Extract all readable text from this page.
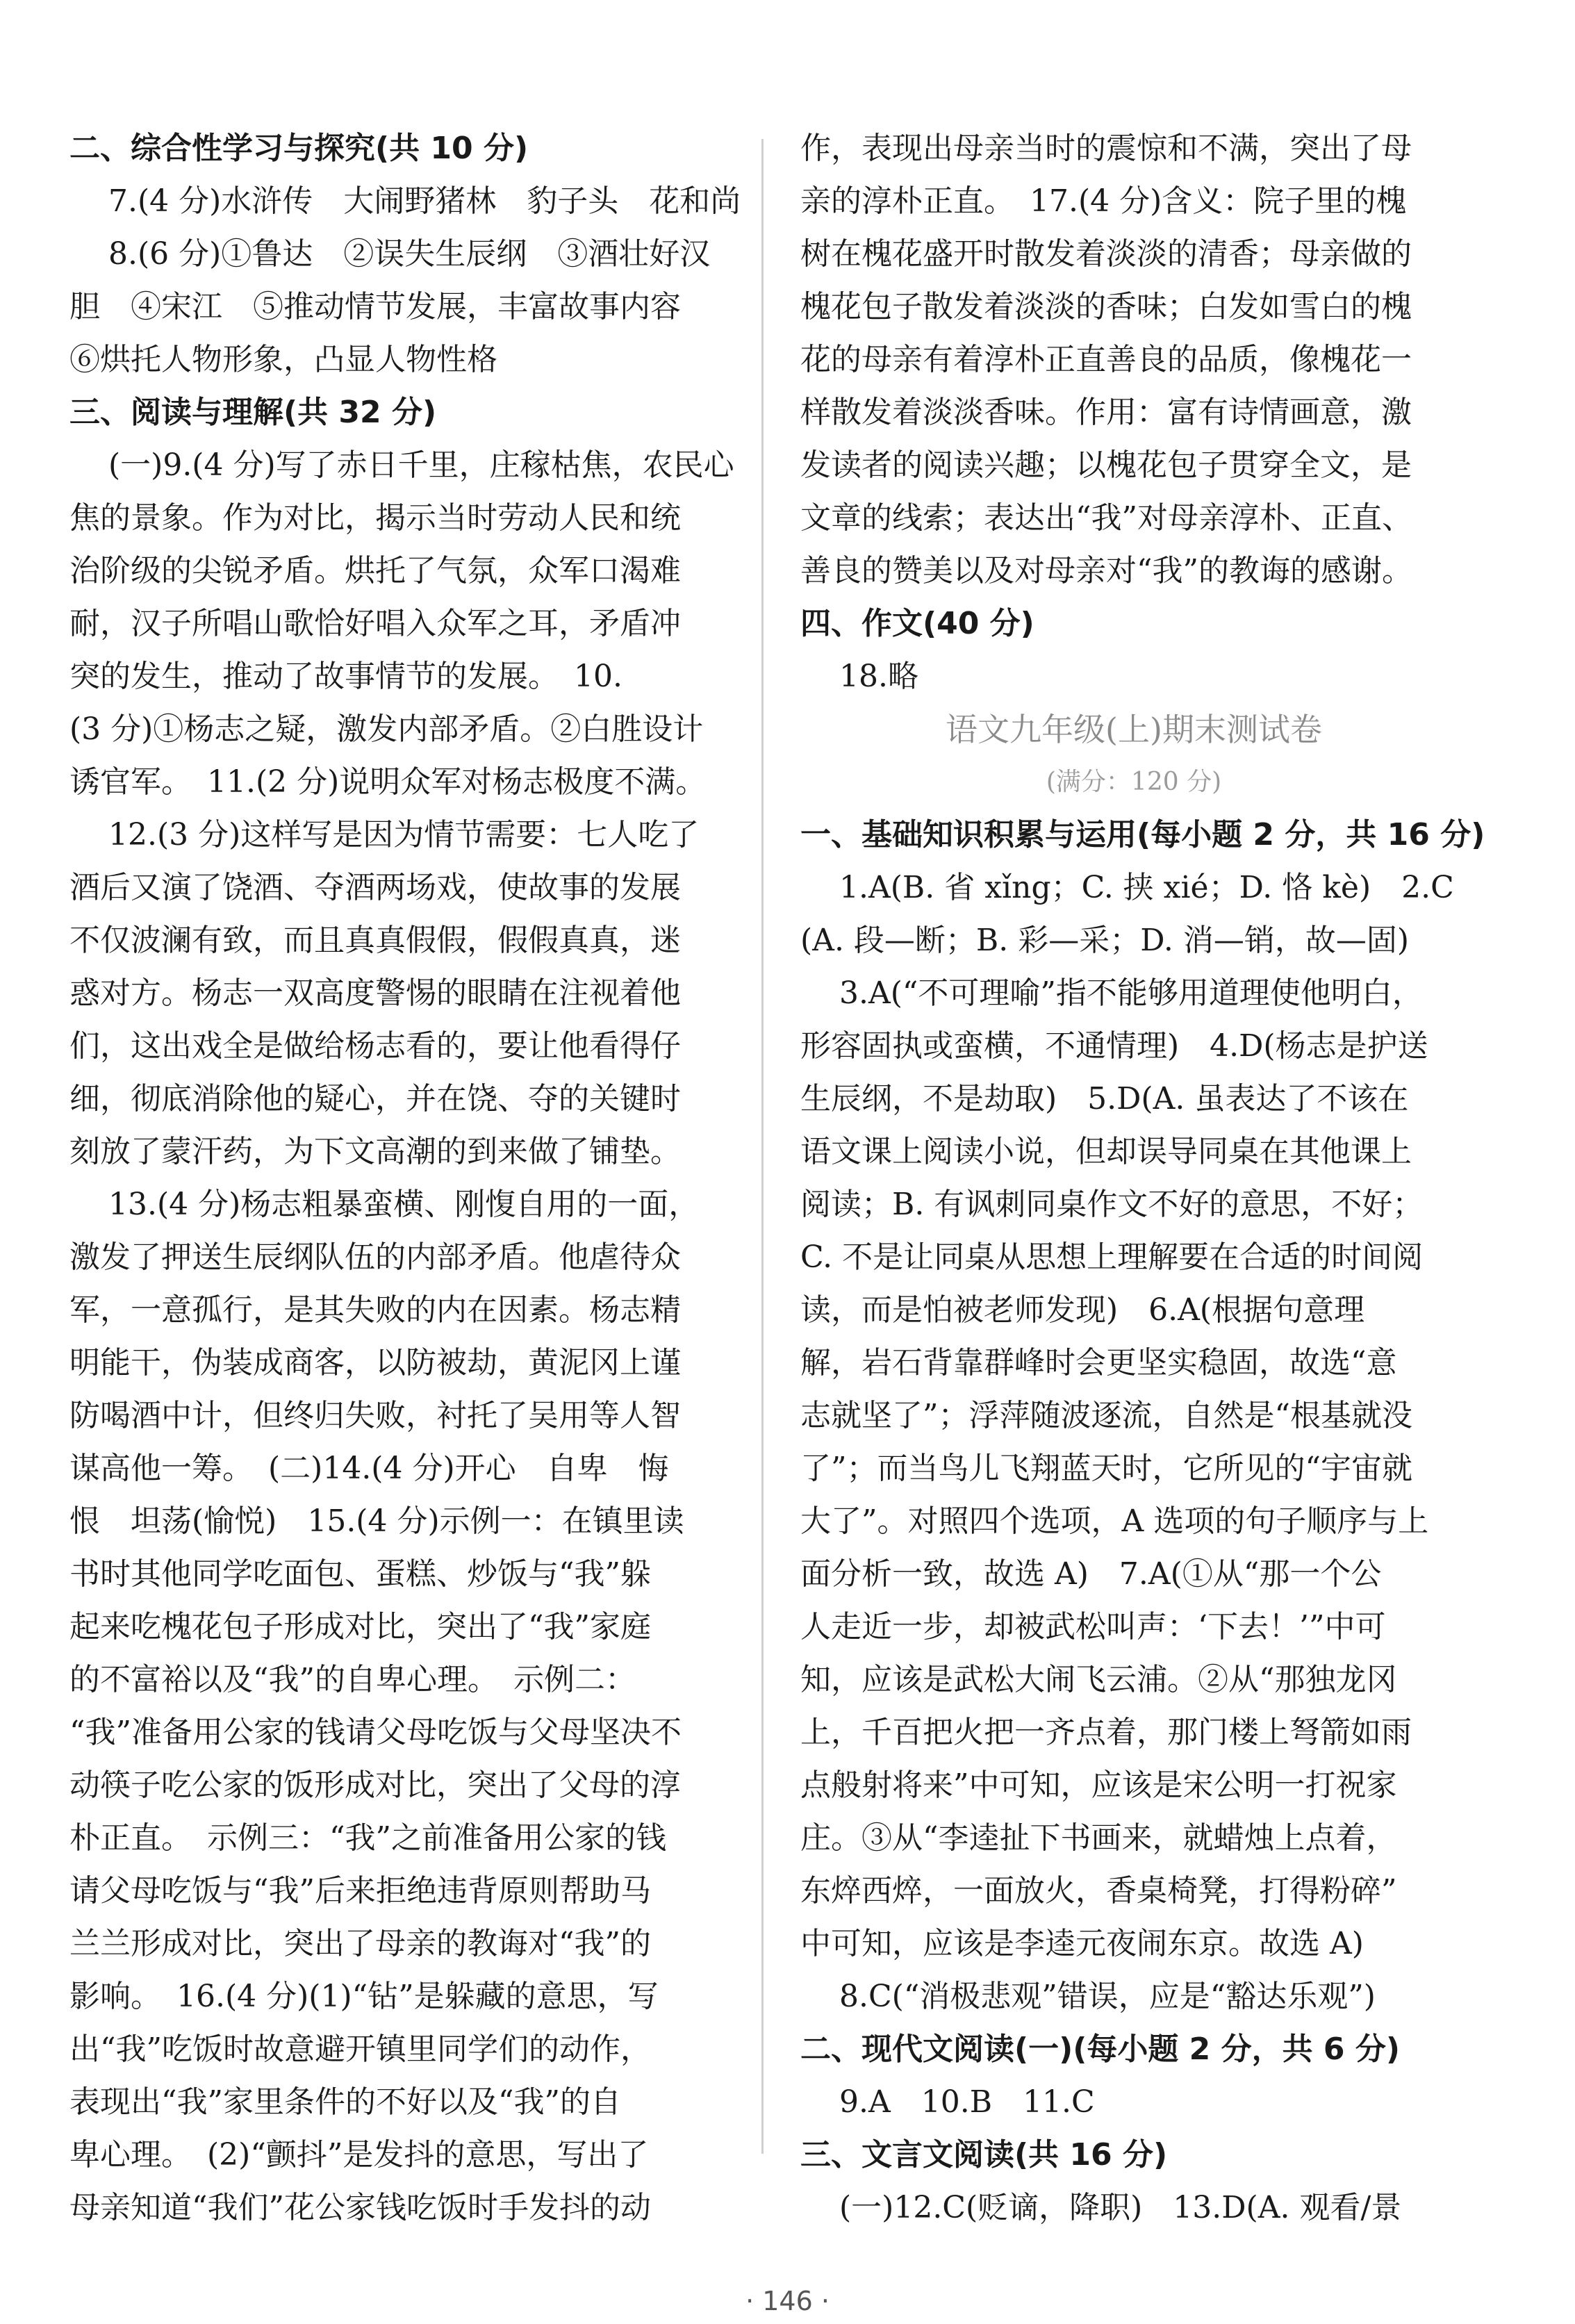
二、综合性学习与探究(共 10 分)
7.(4 分)水浒传　大闹野猪林　豹子头　花和尚
8.(6 分)①鲁达　②误失生辰纲　③酒壮好汉
胆　④宋江　⑤推动情节发展，丰富故事内容
⑥烘托人物形象，凸显人物性格
三、阅读与理解(共 32 分)
(一)9.(4 分)写了赤日千里，庄稼枯焦，农民心
焦的景象。作为对比，揭示当时劳动人民和统
治阶级的尖锐矛盾。烘托了气氛，众军口渴难
耐，汉子所唱山歌恰好唱入众军之耳，矛盾冲
突的发生，推动了故事情节的发展。　10.
(3 分)①杨志之疑，激发内部矛盾。②白胜设计
诱官军。　11.(2 分)说明众军对杨志极度不满。
12.(3 分)这样写是因为情节需要：七人吃了
酒后又演了饶酒、夺酒两场戏，使故事的发展
不仅波澜有致，而且真真假假，假假真真，迷
惑对方。杨志一双高度警惕的眼睛在注视着他
们，这出戏全是做给杨志看的，要让他看得仔
细，彻底消除他的疑心，并在饶、夺的关键时
刻放了蒙汗药，为下文高潮的到来做了铺垫。
13.(4 分)杨志粗暴蛮横、刚愎自用的一面，
激发了押送生辰纲队伍的内部矛盾。他虐待众
军，一意孤行，是其失败的内在因素。杨志精
明能干，伪装成商客，以防被劫，黄泥冈上谨
防喝酒中计，但终归失败，衬托了吴用等人智
谋高他一筹。　(二)14.(4 分)开心　自卑　悔
恨　坦荡(愉悦)　15.(4 分)示例一：在镇里读
书时其他同学吃面包、蛋糕、炒饭与“我”躲
起来吃槐花包子形成对比，突出了“我”家庭
的不富裕以及“我”的自卑心理。　示例二：
“我”准备用公家的钱请父母吃饭与父母坚决不
动筷子吃公家的饭形成对比，突出了父母的淳
朴正直。　示例三：“我”之前准备用公家的钱
请父母吃饭与“我”后来拒绝违背原则帮助马
兰兰形成对比，突出了母亲的教诲对“我”的
影响。　16.(4 分)(1)“钻”是躲藏的意思，写
出“我”吃饭时故意避开镇里同学们的动作，
表现出“我”家里条件的不好以及“我”的自
卑心理。　(2)“颤抖”是发抖的意思，写出了
母亲知道“我们”花公家钱吃饭时手发抖的动
作，表现出母亲当时的震惊和不满，突出了母
亲的淳朴正直。　17.(4 分)含义：院子里的槐
树在槐花盛开时散发着淡淡的清香；母亲做的
槐花包子散发着淡淡的香味；白发如雪白的槐
花的母亲有着淳朴正直善良的品质，像槐花一
样散发着淡淡香味。作用：富有诗情画意，激
发读者的阅读兴趣；以槐花包子贯穿全文，是
文章的线索；表达出“我”对母亲淳朴、正直、
善良的赞美以及对母亲对“我”的教诲的感谢。
四、作文(40 分)
18.略
语文九年级(上)期末测试卷
(满分：120 分)
一、基础知识积累与运用(每小题 2 分，共 16 分)
1.A(B. 省 xǐng；C. 挟 xié；D. 恪 kè)　2.C
(A. 段—断；B. 彩—采；D. 消—销，故—固)
3.A(“不可理喻”指不能够用道理使他明白，
形容固执或蛮横，不通情理)　4.D(杨志是护送
生辰纲，不是劫取)　5.D(A. 虽表达了不该在
语文课上阅读小说，但却误导同桌在其他课上
阅读；B. 有讽刺同桌作文不好的意思，不好；
C. 不是让同桌从思想上理解要在合适的时间阅
读，而是怕被老师发现)　6.A(根据句意理
解，岩石背靠群峰时会更坚实稳固，故选“意
志就坚了”；浮萍随波逐流，自然是“根基就没
了”；而当鸟儿飞翔蓝天时，它所见的“宇宙就
大了”。对照四个选项，A 选项的句子顺序与上
面分析一致，故选 A)　7.A(①从“那一个公
人走近一步，却被武松叫声：‘下去！’”中可
知，应该是武松大闹飞云浦。②从“那独龙冈
上，千百把火把一齐点着，那门楼上弩箭如雨
点般射将来”中可知，应该是宋公明一打祝家
庄。③从“李逵扯下书画来，就蜡烛上点着，
东焠西焠，一面放火，香桌椅凳，打得粉碎”
中可知，应该是李逵元夜闹东京。故选 A)
8.C(“消极悲观”错误，应是“豁达乐观”)
二、现代文阅读(一)(每小题 2 分，共 6 分)
9.A　10.B　11.C
三、文言文阅读(共 16 分)
(一)12.C(贬谪，降职)　13.D(A. 观看/景
· 146 ·
